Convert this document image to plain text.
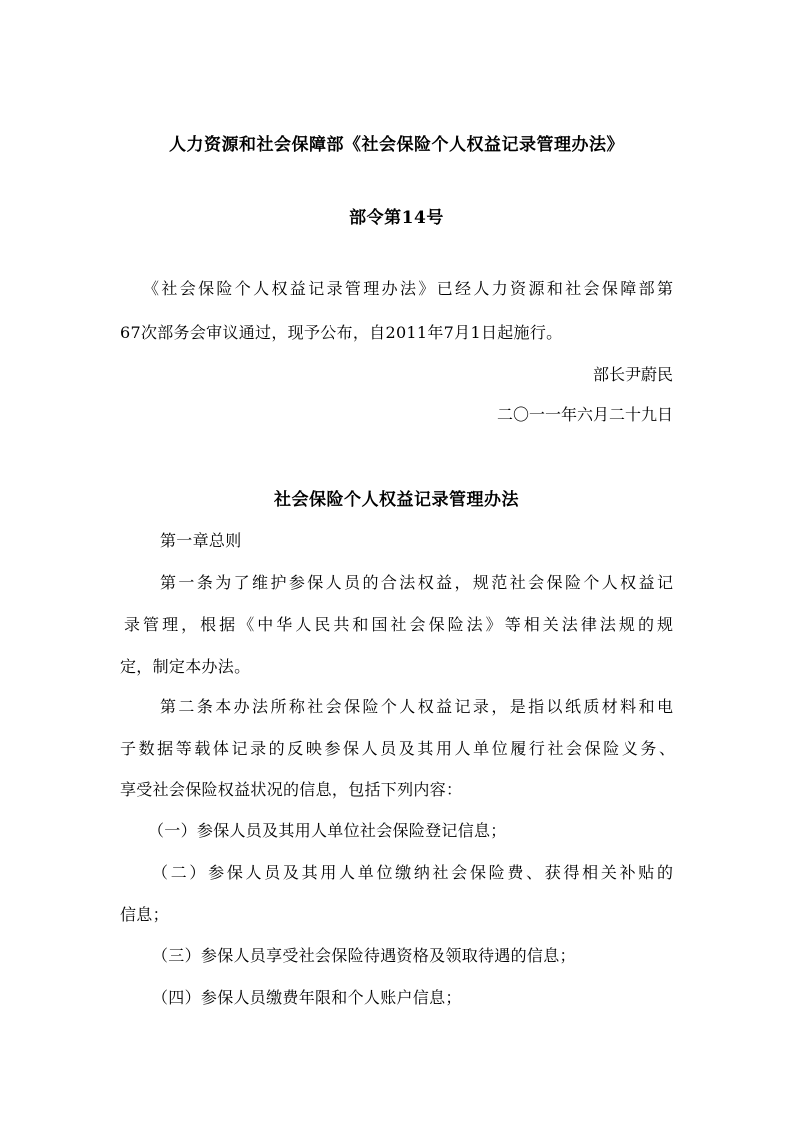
人力资源和社会保障部《社会保险个人权益记录管理办法》
部令第14号
《社会保险个人权益记录管理办法》已经人力资源和社会保障部第
67次部务会审议通过，现予公布，自2011年7月1日起施行。
部长尹蔚民
二〇一一年六月二十九日
社会保险个人权益记录管理办法
第一章总则
第一条为了维护参保人员的合法权益，规范社会保险个人权益记
录管理，根据《中华人民共和国社会保险法》等相关法律法规的规
定，制定本办法。
第二条本办法所称社会保险个人权益记录，是指以纸质材料和电
子数据等载体记录的反映参保人员及其用人单位履行社会保险义务、
享受社会保险权益状况的信息，包括下列内容：
（一）参保人员及其用人单位社会保险登记信息；
（二）参保人员及其用人单位缴纳社会保险费、获得相关补贴的
信息；
（三）参保人员享受社会保险待遇资格及领取待遇的信息；
（四）参保人员缴费年限和个人账户信息；
